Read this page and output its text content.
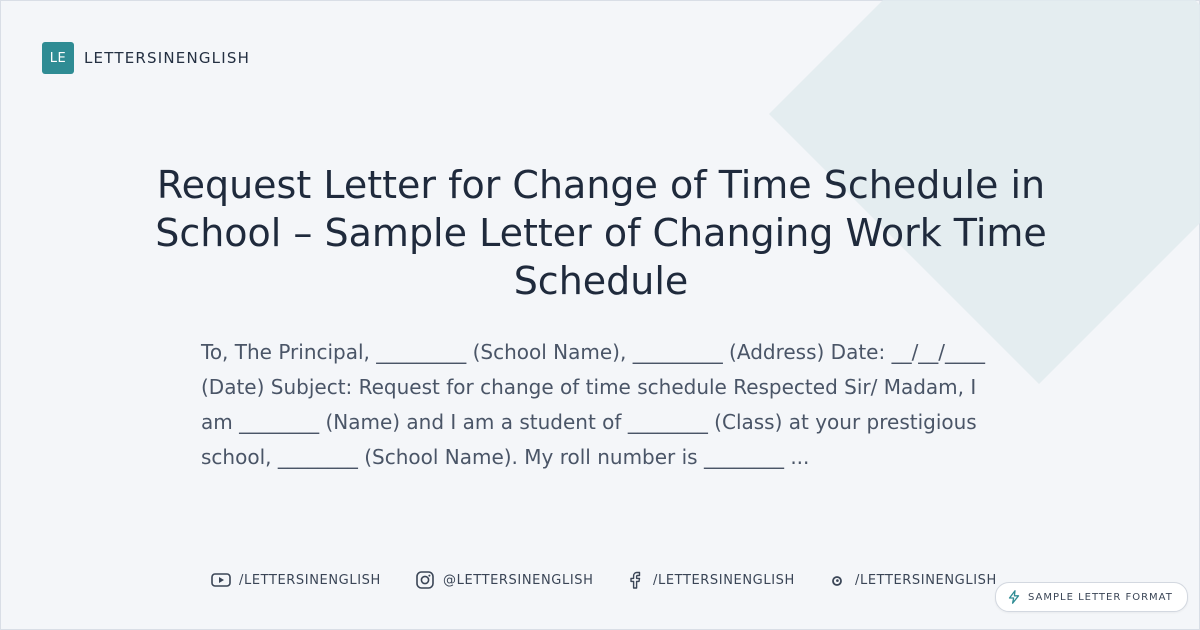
LE	LETTERSINENGLISH
Request Letter for Change of Time Schedule in School – Sample Letter of Changing Work Time Schedule

To, The Principal, _________ (School Name), _________ (Address) Date: __/__/____ (Date) Subject: Request for change of time schedule Respected Sir/ Madam, I am ________ (Name) and I am a student of ________ (Class) at your prestigious school, ________ (School Name). My roll number is ________ ...

/LETTERSINENGLISH	@LETTERSINENGLISH	/LETTERSINENGLISH	/LETTERSINENGLISH
SAMPLE LETTER FORMAT
